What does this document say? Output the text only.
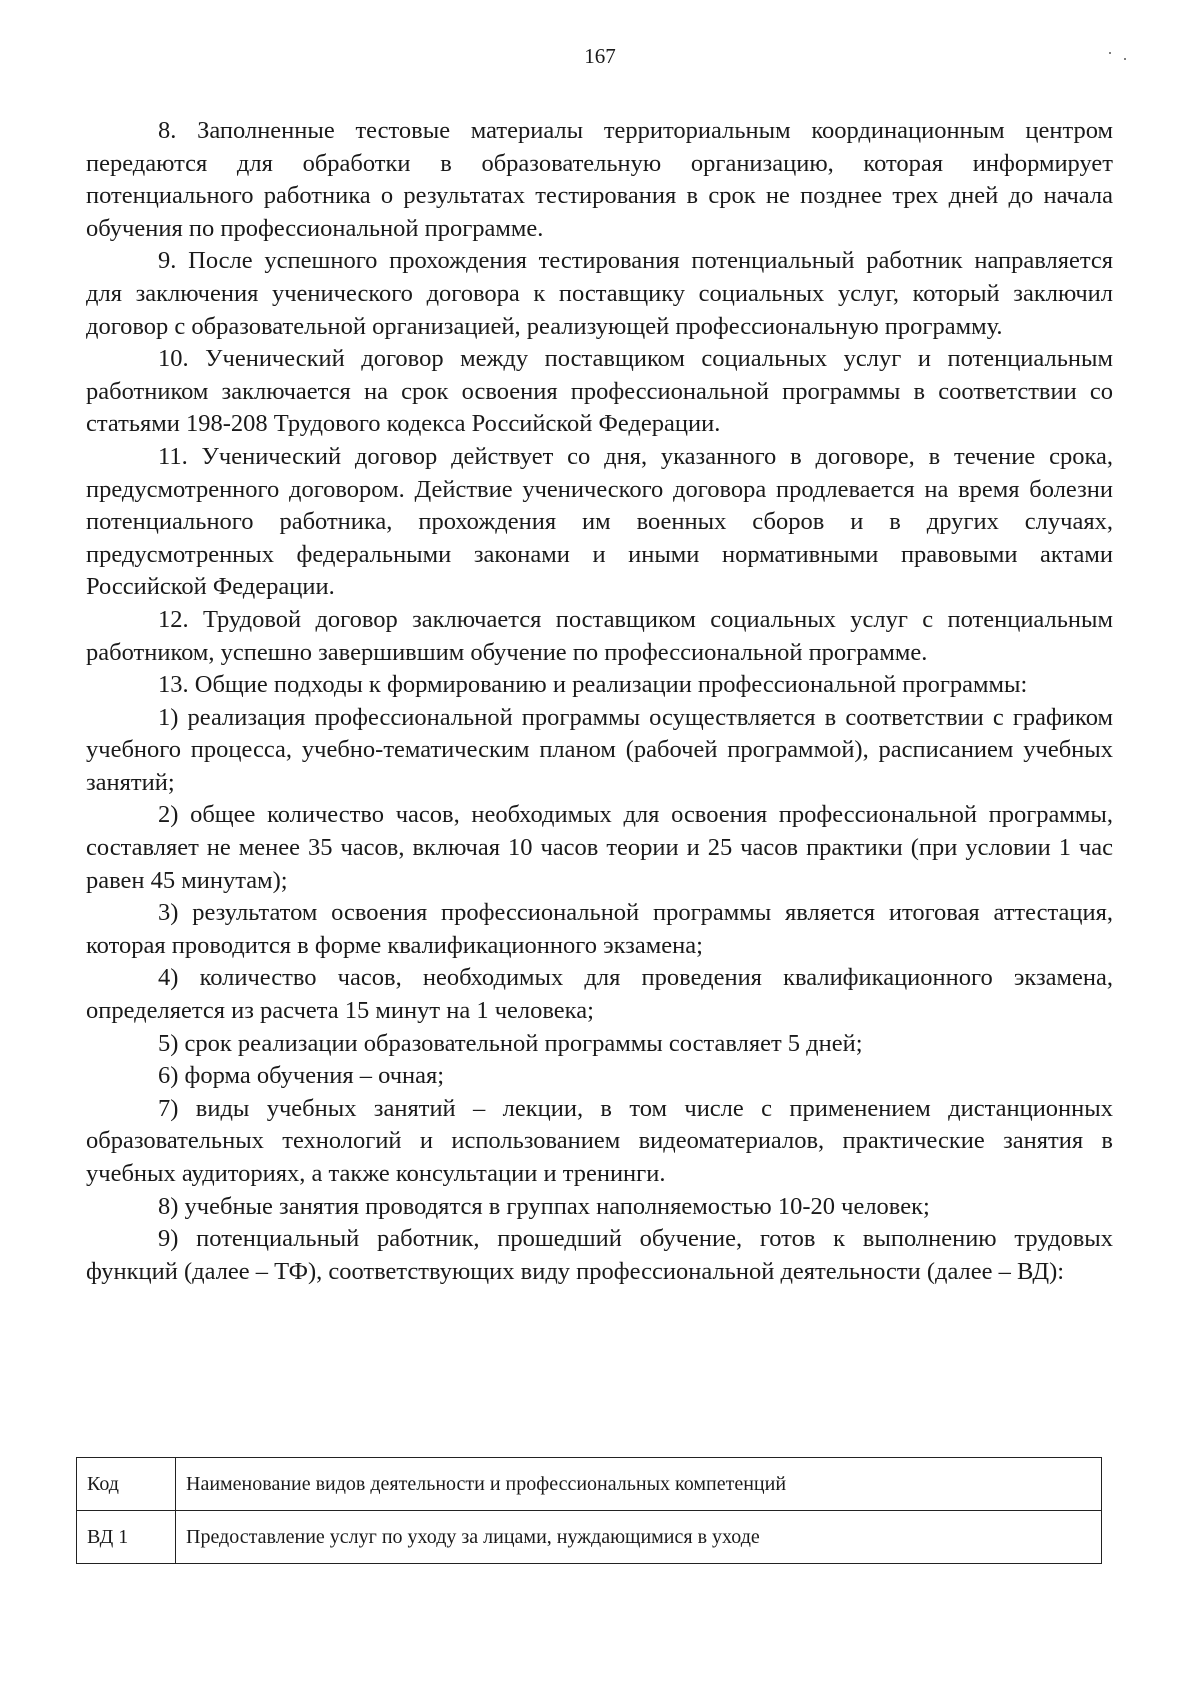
167

8. Заполненные тестовые материалы территориальным координационным центром передаются для обработки в образовательную организацию, которая информирует потенциального работника о результатах тестирования в срок не позднее трех дней до начала обучения по профессиональной программе.

9. После успешного прохождения тестирования потенциальный работник направляется для заключения ученического договора к поставщику социальных услуг, который заключил договор с образовательной организацией, реализующей профессиональную программу.

10. Ученический договор между поставщиком социальных услуг и потенциальным работником заключается на срок освоения профессиональной программы в соответствии со статьями 198-208 Трудового кодекса Российской Федерации.

11. Ученический договор действует со дня, указанного в договоре, в течение срока, предусмотренного договором. Действие ученического договора продлевается на время болезни потенциального работника, прохождения им военных сборов и в других случаях, предусмотренных федеральными законами и иными нормативными правовыми актами Российской Федерации.

12. Трудовой договор заключается поставщиком социальных услуг с потенциальным работником, успешно завершившим обучение по профессиональной программе.

13. Общие подходы к формированию и реализации профессиональной программы:

1) реализация профессиональной программы осуществляется в соответствии с графиком учебного процесса, учебно-тематическим планом (рабочей программой), расписанием учебных занятий;

2) общее количество часов, необходимых для освоения профессиональной программы, составляет не менее 35 часов, включая 10 часов теории и 25 часов практики (при условии 1 час равен 45 минутам);

3) результатом освоения профессиональной программы является итоговая аттестация, которая проводится в форме квалификационного экзамена;

4) количество часов, необходимых для проведения квалификационного экзамена, определяется из расчета 15 минут на 1 человека;

5) срок реализации образовательной программы составляет 5 дней;

6) форма обучения – очная;

7) виды учебных занятий – лекции, в том числе с применением дистанционных образовательных технологий и использованием видеоматериалов, практические занятия в учебных аудиториях, а также консультации и тренинги.

8) учебные занятия проводятся в группах наполняемостью 10-20 человек;

9) потенциальный работник, прошедший обучение, готов к выполнению трудовых функций (далее – ТФ), соответствующих виду профессиональной деятельности (далее – ВД):

Код	Наименование видов деятельности и профессиональных компетенций
ВД 1	Предоставление услуг по уходу за лицами, нуждающимися в уходе
